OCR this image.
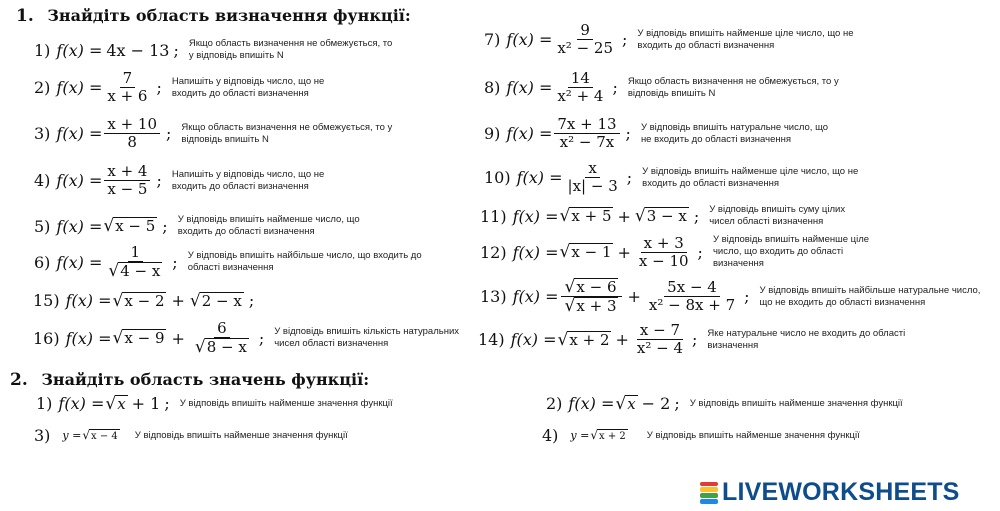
1. Знайдіть область визначення функції:
2. Знайдіть область значень функції:
1) f(x) = 4x − 13 ; Якщо область визначення не обмежується, то у відповідь впишіть N
2) $f(x) = \frac{7}{x + 6}$ ; Напишіть у відповідь число, що не входить до області визначення
3) $f(x) = \frac{x + 10}{8}$ ; Якщо область визначення не обмежується, то у відповідь впишіть N
4) $f(x) = \frac{x + 4}{x - 5}$ ; Напишіть у відповідь число, що не входить до області визначення
5) f(x) = √ x − 5 ; У відповідь впишіть найменше число, що входить до області визначення
6) $f(x) = \frac{1}{√ 4 - x}$ ; У відповідь впишіть найбільше число, що входить до області визначення
15) f(x) = √ x − 2 + √ 2 − x ;
16) f(x) = √ $x - 9 + \frac{6}{√ 8 - x}$ ; У відповідь впишіть кількість натуральних чисел області визначення
7) $f(x) = \frac{9}{\text{x² − 25}}$ ; У відповідь впишіть найменше ціле число, що не входить до області визначення
8) $f(x) = \frac{14}{\text{x² + 4}}$ ; Якщо область визначення не обмежується, то у відповідь впишіть N
9) $f(x) = \frac{7x + 13}{\text{x² − 7x}}$ ; У відповідь впишіть натуральне число, що не входить до області визначення
10) $f(x) = \frac{x}{|x| - 3}$ ; У відповідь впишіть найменше ціле число, що не входить до області визначення
11) f(x) = √ x + 5 + √ 3 − x ; У відповідь впишіть суму цілих чисел області визначення
12) f(x) = √ $x - 1 + \frac{x + 3}{x - 10}$ ;
У відповідь впишіть найменше ціле число, що входить до області визначення
13) $f(x) = \frac{√ x - 6}{√ x + 3} + \frac{5x - 4}{\text{x² − 8x + 7}}$ ; У відповідь впишіть найбільше натуральне число, що не входить до області визначення
14) f(x) = √ $x + 2 + \frac{x - 7}{\text{x² − 4}}$ ; Яке натуральне число не входить до області визначення
1) f(x) = √ x + 1 ; У відповідь впишіть найменше значення функції	2) f(x) = √ x − 2 ; У відповідь впишіть найменше значення функції
3) y = √ x − 4 У відповідь впишіть найменше значення функції	4) y = √ x + 2 У відповідь впишіть найменше значення функції
LIVEWORKSHEETS
